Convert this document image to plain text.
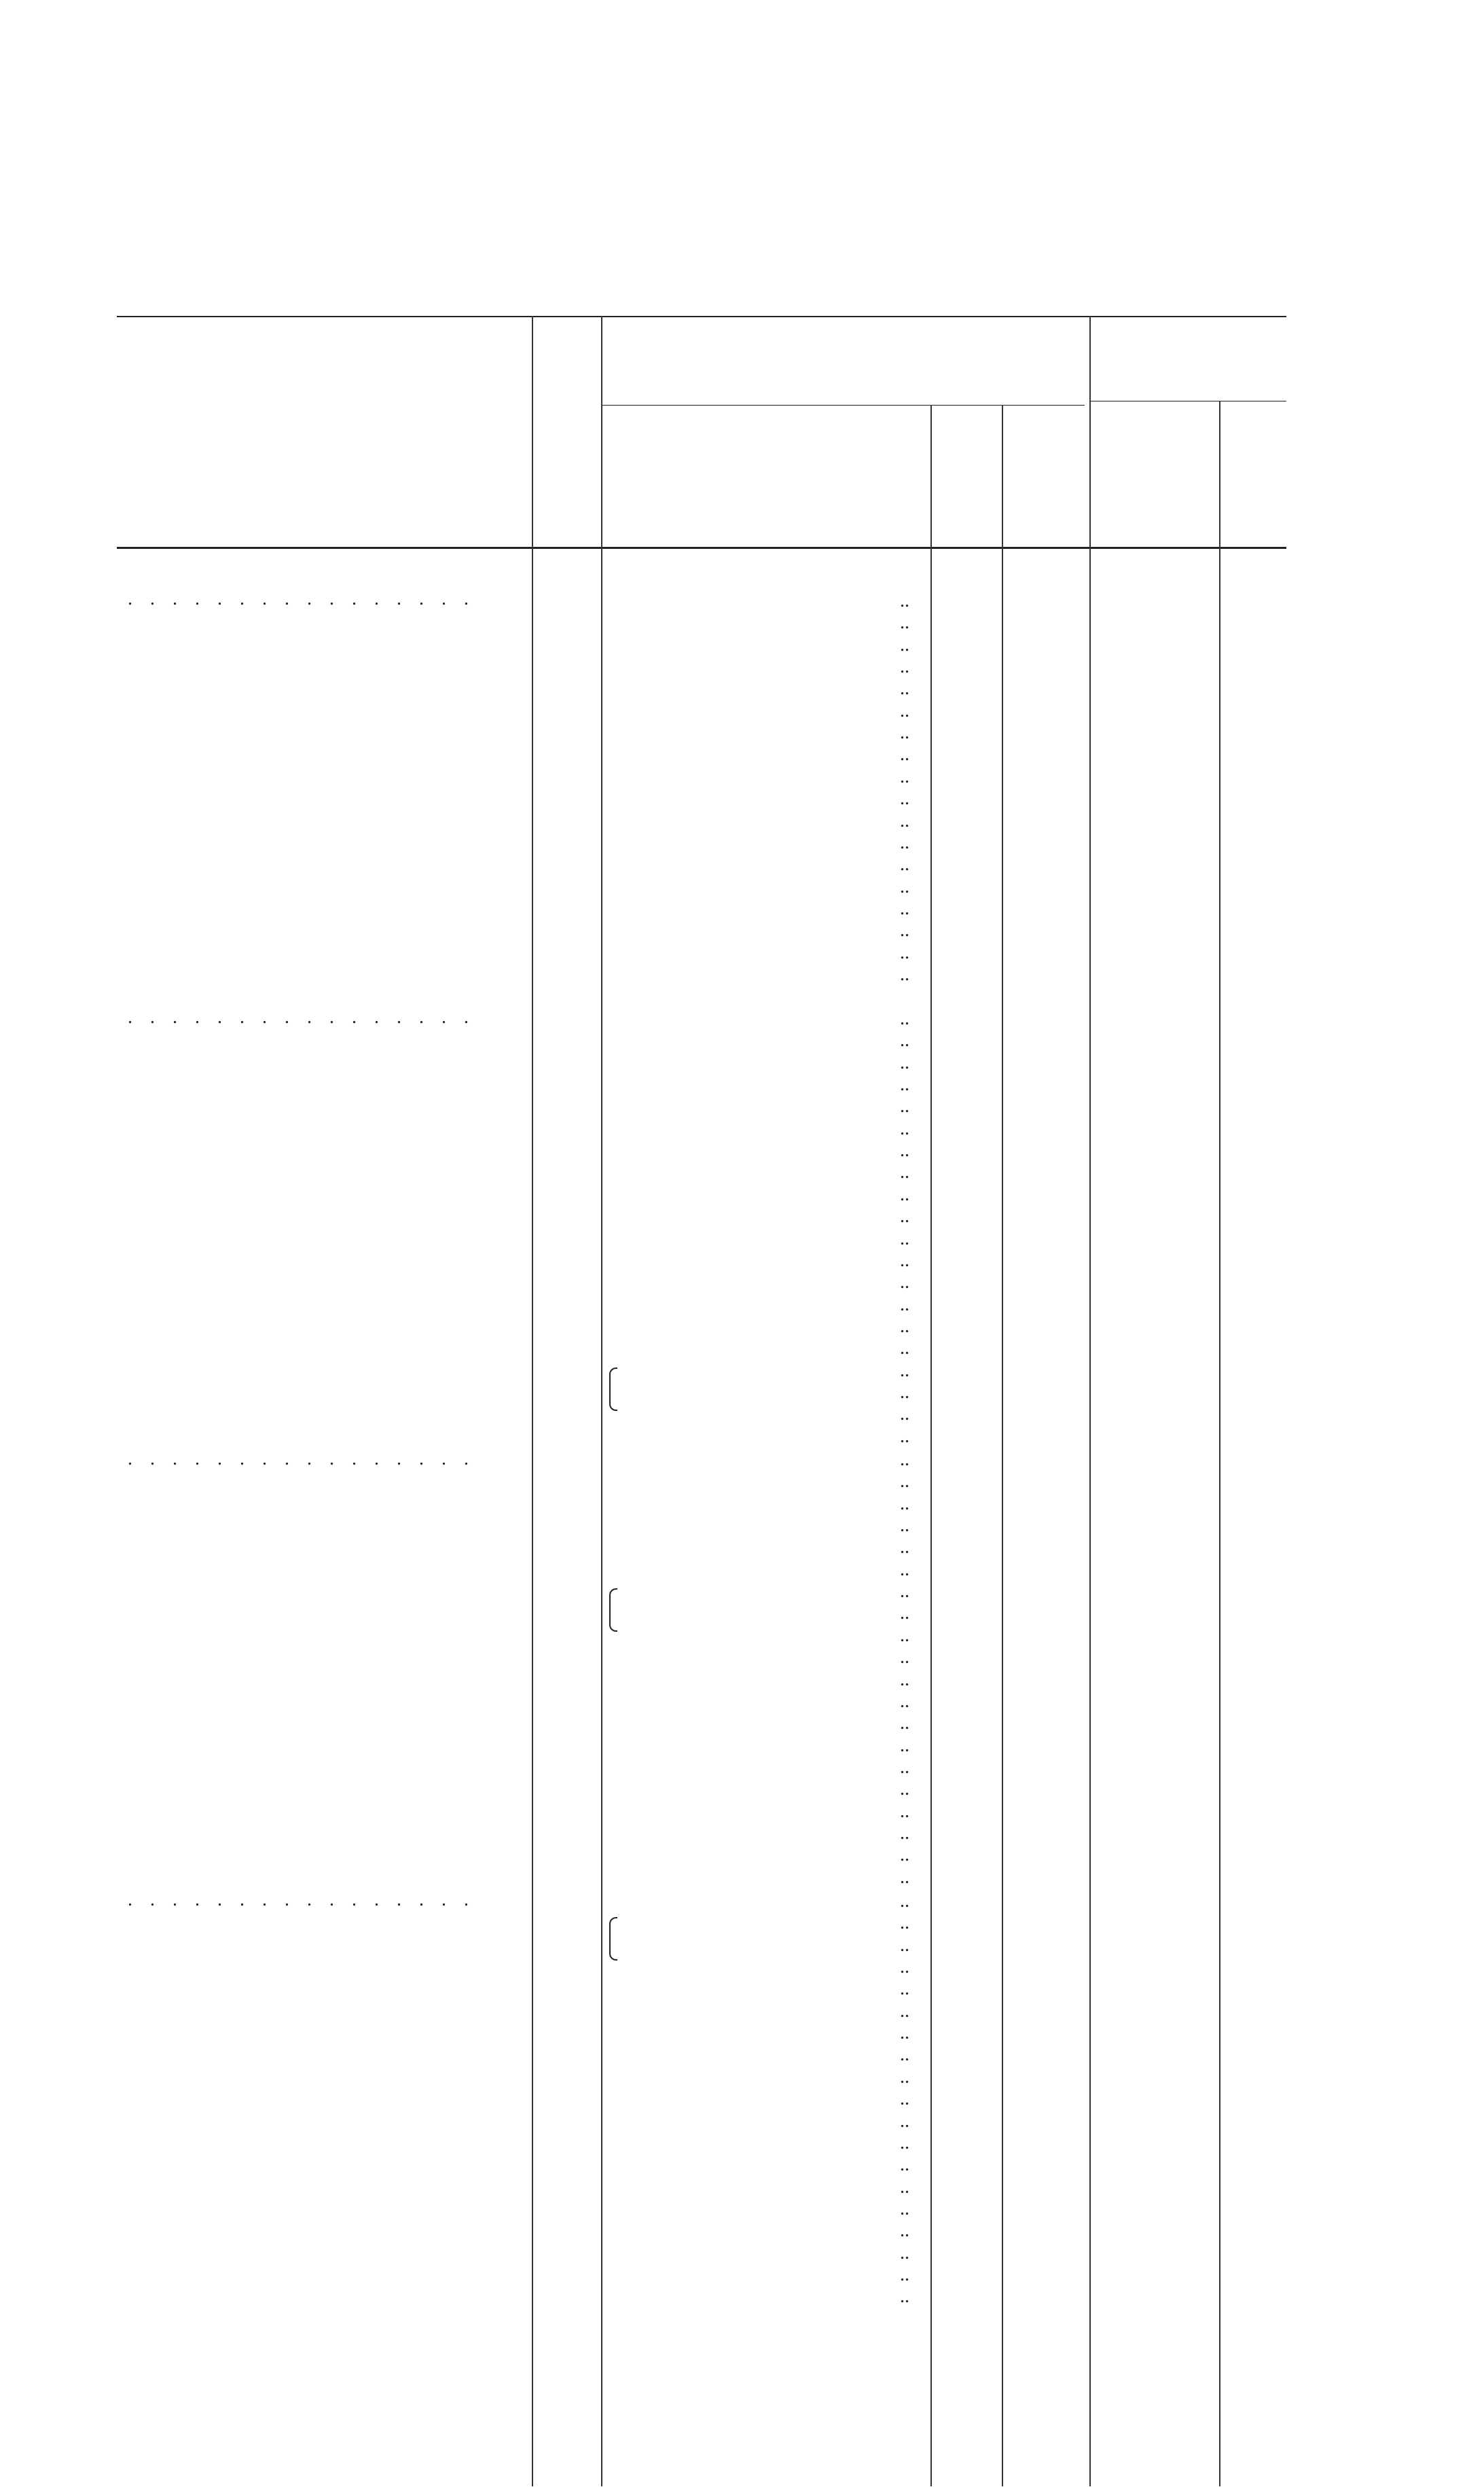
................
................
................
................
..
..
..
..
..
..
..
..
..
..
..
..
..
..
..
..
..
..
..
..
..
..
..
..
..
..
..
..
..
..
..
..
..
..
..
..
..
..
..
..
..
..
..
..
..
..
..
..
..
..
..
..
..
..
..
..
..
..
..
..
..
..
..
..
..
..
..
..
..
..
..
..
..
..
..
..
..
